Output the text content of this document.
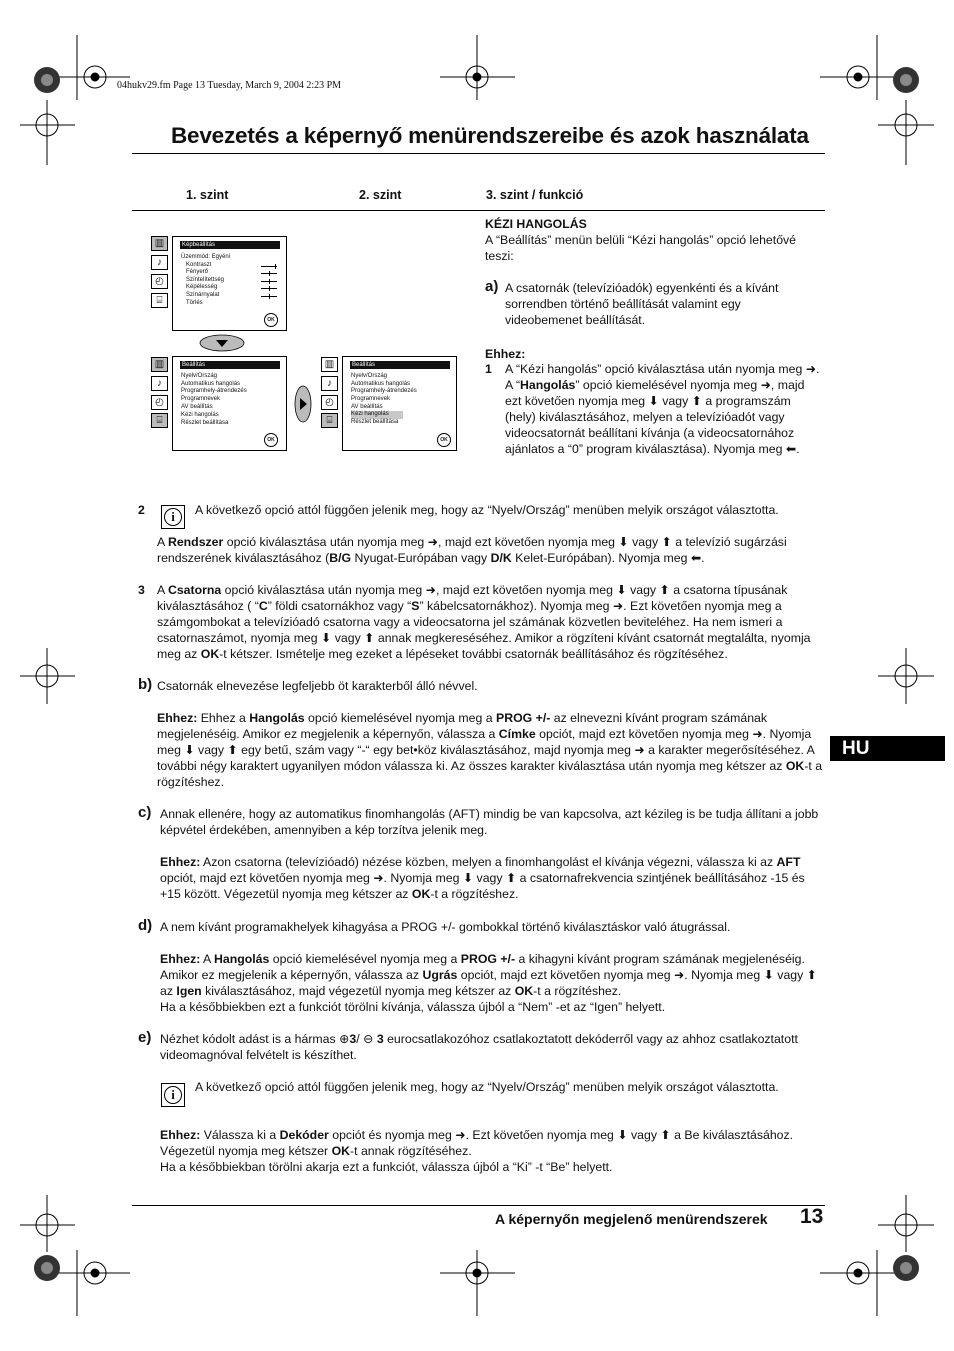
04hukv29.fm Page 13 Tuesday, March 9, 2004 2:23 PM
Bevezetés a képernyő menürendszereibe és azok használata
1. szint	2. szint	3. szint / funkció
▥
♪
◴
⌸
Képbeállítás
Üzemmód: Egyéni
Kontraszt
Fényerő
Színtelítettség
Képélesség
Színárnyalat
Törlés
OK
▥
♪
◴
⌸
Beállítás
Nyelv/Ország
Automatikus hangolás
Programhely-átrendezés
Programnevek
AV beállítás
Kézi hangolás
Részlet beállítása
OK
▥
♪
◴
⌸
Beállítás
Nyelv/Ország
Automatikus hangolás
Programhely-átrendezés
Programnevek
AV beállítás
Kézi hangolás
Részlet beállítása
OK
KÉZI HANGOLÁS
A “Beállítás” menün belüli “Kézi hangolás” opció lehetővé teszi:
a) A csatornák (televízióadók) egyenkénti és a kívánt sorrendben történő beállítását valamint egy videobemenet beállítását.
Ehhez:
1 A “Kézi hangolás” opció kiválasztása után nyomja meg ➜. A “Hangolás” opció kiemelésével nyomja meg ➜, majd ezt követően nyomja meg ⬇ vagy ⬆ a programszám (hely) kiválasztásához, melyen a televízióadót vagy videocsatornát beállítani kívánja (a videocsatornához ajánlatos a “0” program kiválasztása). Nyomja meg ⬅.
2	i	A következő opció attól függően jelenik meg, hogy az “Nyelv/Ország” menüben melyik országot választotta.
A Rendszer opció kiválasztása után nyomja meg ➜, majd ezt követően nyomja meg ⬇ vagy ⬆ a televízió sugárzási rendszerének kiválasztásához (B/G Nyugat-Európában vagy D/K Kelet-Európában). Nyomja meg ⬅.
3 A Csatorna opció kiválasztása után nyomja meg ➜, majd ezt követően nyomja meg ⬇ vagy ⬆ a csatorna típusának kiválasztásához ( “C” földi csatornákhoz vagy “S” kábelcsatornákhoz). Nyomja meg ➜. Ezt követően nyomja meg a számgombokat a televízióadó csatorna vagy a videocsatorna jel számának közvetlen beviteléhez. Ha nem ismeri a csatornaszámot, nyomja meg ⬇ vagy ⬆ annak megkereséséhez. Amikor a rögzíteni kívánt csatornát megtalálta, nyomja meg az OK-t kétszer. Ismételje meg ezeket a lépéseket további csatornák beállításához és rögzítéséhez.
b) Csatornák elnevezése legfeljebb öt karakterből álló névvel.
Ehhez: Ehhez a Hangolás opció kiemelésével nyomja meg a PROG +/- az elnevezni kívánt program számának megjelenéséig. Amikor ez megjelenik a képernyőn, válassza a Címke opciót, majd ezt követően nyomja meg ➜. Nyomja meg ⬇ vagy ⬆ egy betű, szám vagy “-“ egy bet•köz kiválasztásához, majd nyomja meg ➜ a karakter megerősítéséhez. A további négy karaktert ugyanilyen módon válassza ki. Az összes karakter kiválasztása után nyomja meg kétszer az OK-t a rögzítéshez.
c) Annak ellenére, hogy az automatikus finomhangolás (AFT) mindig be van kapcsolva, azt kézileg is be tudja állítani a jobb képvétel érdekében, amennyiben a kép torzítva jelenik meg.
Ehhez: Azon csatorna (televízióadó) nézése közben, melyen a finomhangolást el kívánja végezni, válassza ki az AFT opciót, majd ezt követően nyomja meg ➜. Nyomja meg ⬇ vagy ⬆ a csatornafrekvencia szintjének beállításához -15 és +15 között. Végezetül nyomja meg kétszer az OK-t a rögzítéshez.
d) A nem kívánt programakhelyek kihagyása a PROG +/- gombokkal történő kiválasztáskor való átugrással.
Ehhez: A Hangolás opció kiemelésével nyomja meg a PROG +/- a kihagyni kívánt program számának megjelenéséig. Amikor ez megjelenik a képernyőn, válassza az Ugrás opciót, majd ezt követően nyomja meg ➜. Nyomja meg ⬇ vagy ⬆ az Igen kiválasztásához, majd végezetül nyomja meg kétszer az OK-t a rögzítéshez.
Ha a későbbiekben ezt a funkciót törölni kívánja, válassza újból a “Nem” -et az “Igen” helyett.
e) Nézhet kódolt adást is a hármas ⊕3/ ⊖ 3 eurocsatlakozóhoz csatlakoztatott dekóderről vagy az ahhoz csatlakoztatott videomagnóval felvételt is készíthet.
i	A következő opció attól függően jelenik meg, hogy az “Nyelv/Ország” menüben melyik országot választotta.
Ehhez: Válassza ki a Dekóder opciót és nyomja meg ➜. Ezt követően nyomja meg ⬇ vagy ⬆ a Be kiválasztásához. Végezetül nyomja meg kétszer OK-t annak rögzítéséhez.
Ha a későbbiekban törölni akarja ezt a funkciót, válassza újból a “Ki” -t “Be” helyett.
HU
A képernyőn megjelenő menürendszerek 13
